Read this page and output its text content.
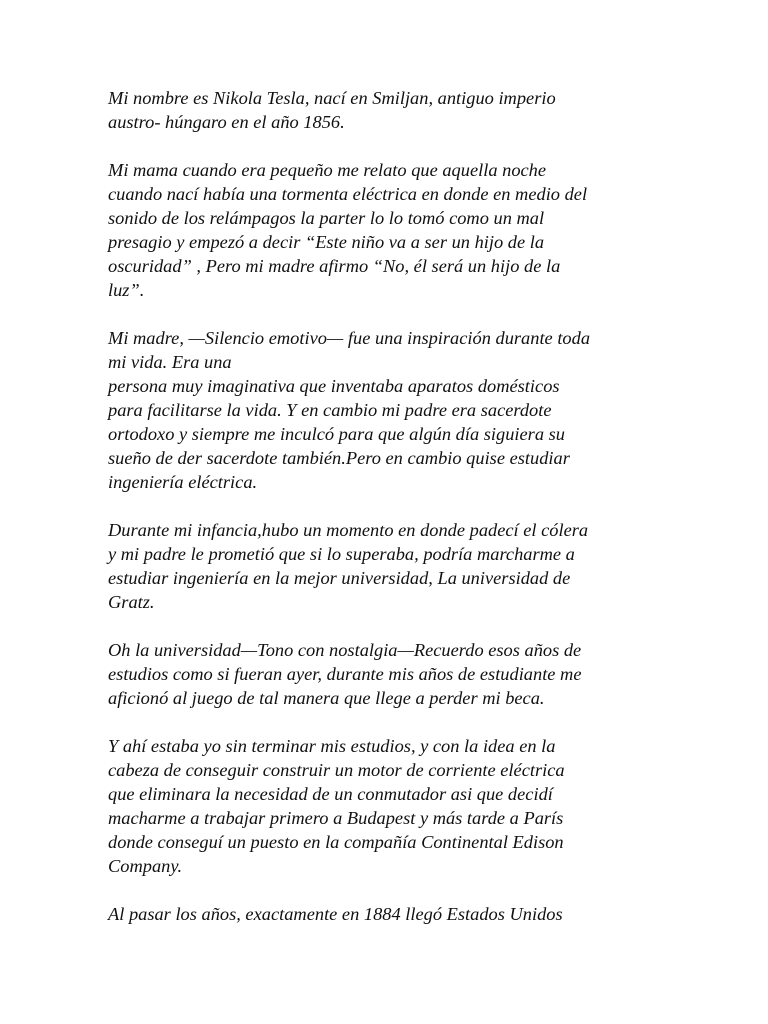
Mi nombre es Nikola Tesla, nací en Smiljan, antiguo imperio
austro- húngaro en el año 1856.
Mi mama cuando era pequeño me relato que aquella noche
cuando nací había una tormenta eléctrica en donde en medio del
sonido de los relámpagos la parter lo lo tomó como un mal
presagio y empezó a decir “Este niño va a ser un hijo de la
oscuridad” , Pero mi madre afirmo “No, él será un hijo de la
luz”.
Mi madre, —Silencio emotivo— fue una inspiración durante toda
mi vida. Era una
persona muy imaginativa que inventaba aparatos domésticos
para facilitarse la vida. Y en cambio mi padre era sacerdote
ortodoxo y siempre me inculcó para que algún día siguiera su
sueño de der sacerdote también.Pero en cambio quise estudiar
ingeniería eléctrica.
Durante mi infancia,hubo un momento en donde padecí el cólera
y mi padre le prometió que si lo superaba, podría marcharme a
estudiar ingeniería en la mejor universidad, La universidad de
Gratz.
Oh la universidad—Tono con nostalgia—Recuerdo esos años de
estudios como si fueran ayer, durante mis años de estudiante me
aficionó al juego de tal manera que llege a perder mi beca.
Y ahí estaba yo sin terminar mis estudios, y con la idea en la
cabeza de conseguir construir un motor de corriente eléctrica
que eliminara la necesidad de un conmutador asi que decidí
macharme a trabajar primero a Budapest y más tarde a París
donde conseguí un puesto en la compañía Continental Edison
Company.
Al pasar los años, exactamente en 1884 llegó Estados Unidos
